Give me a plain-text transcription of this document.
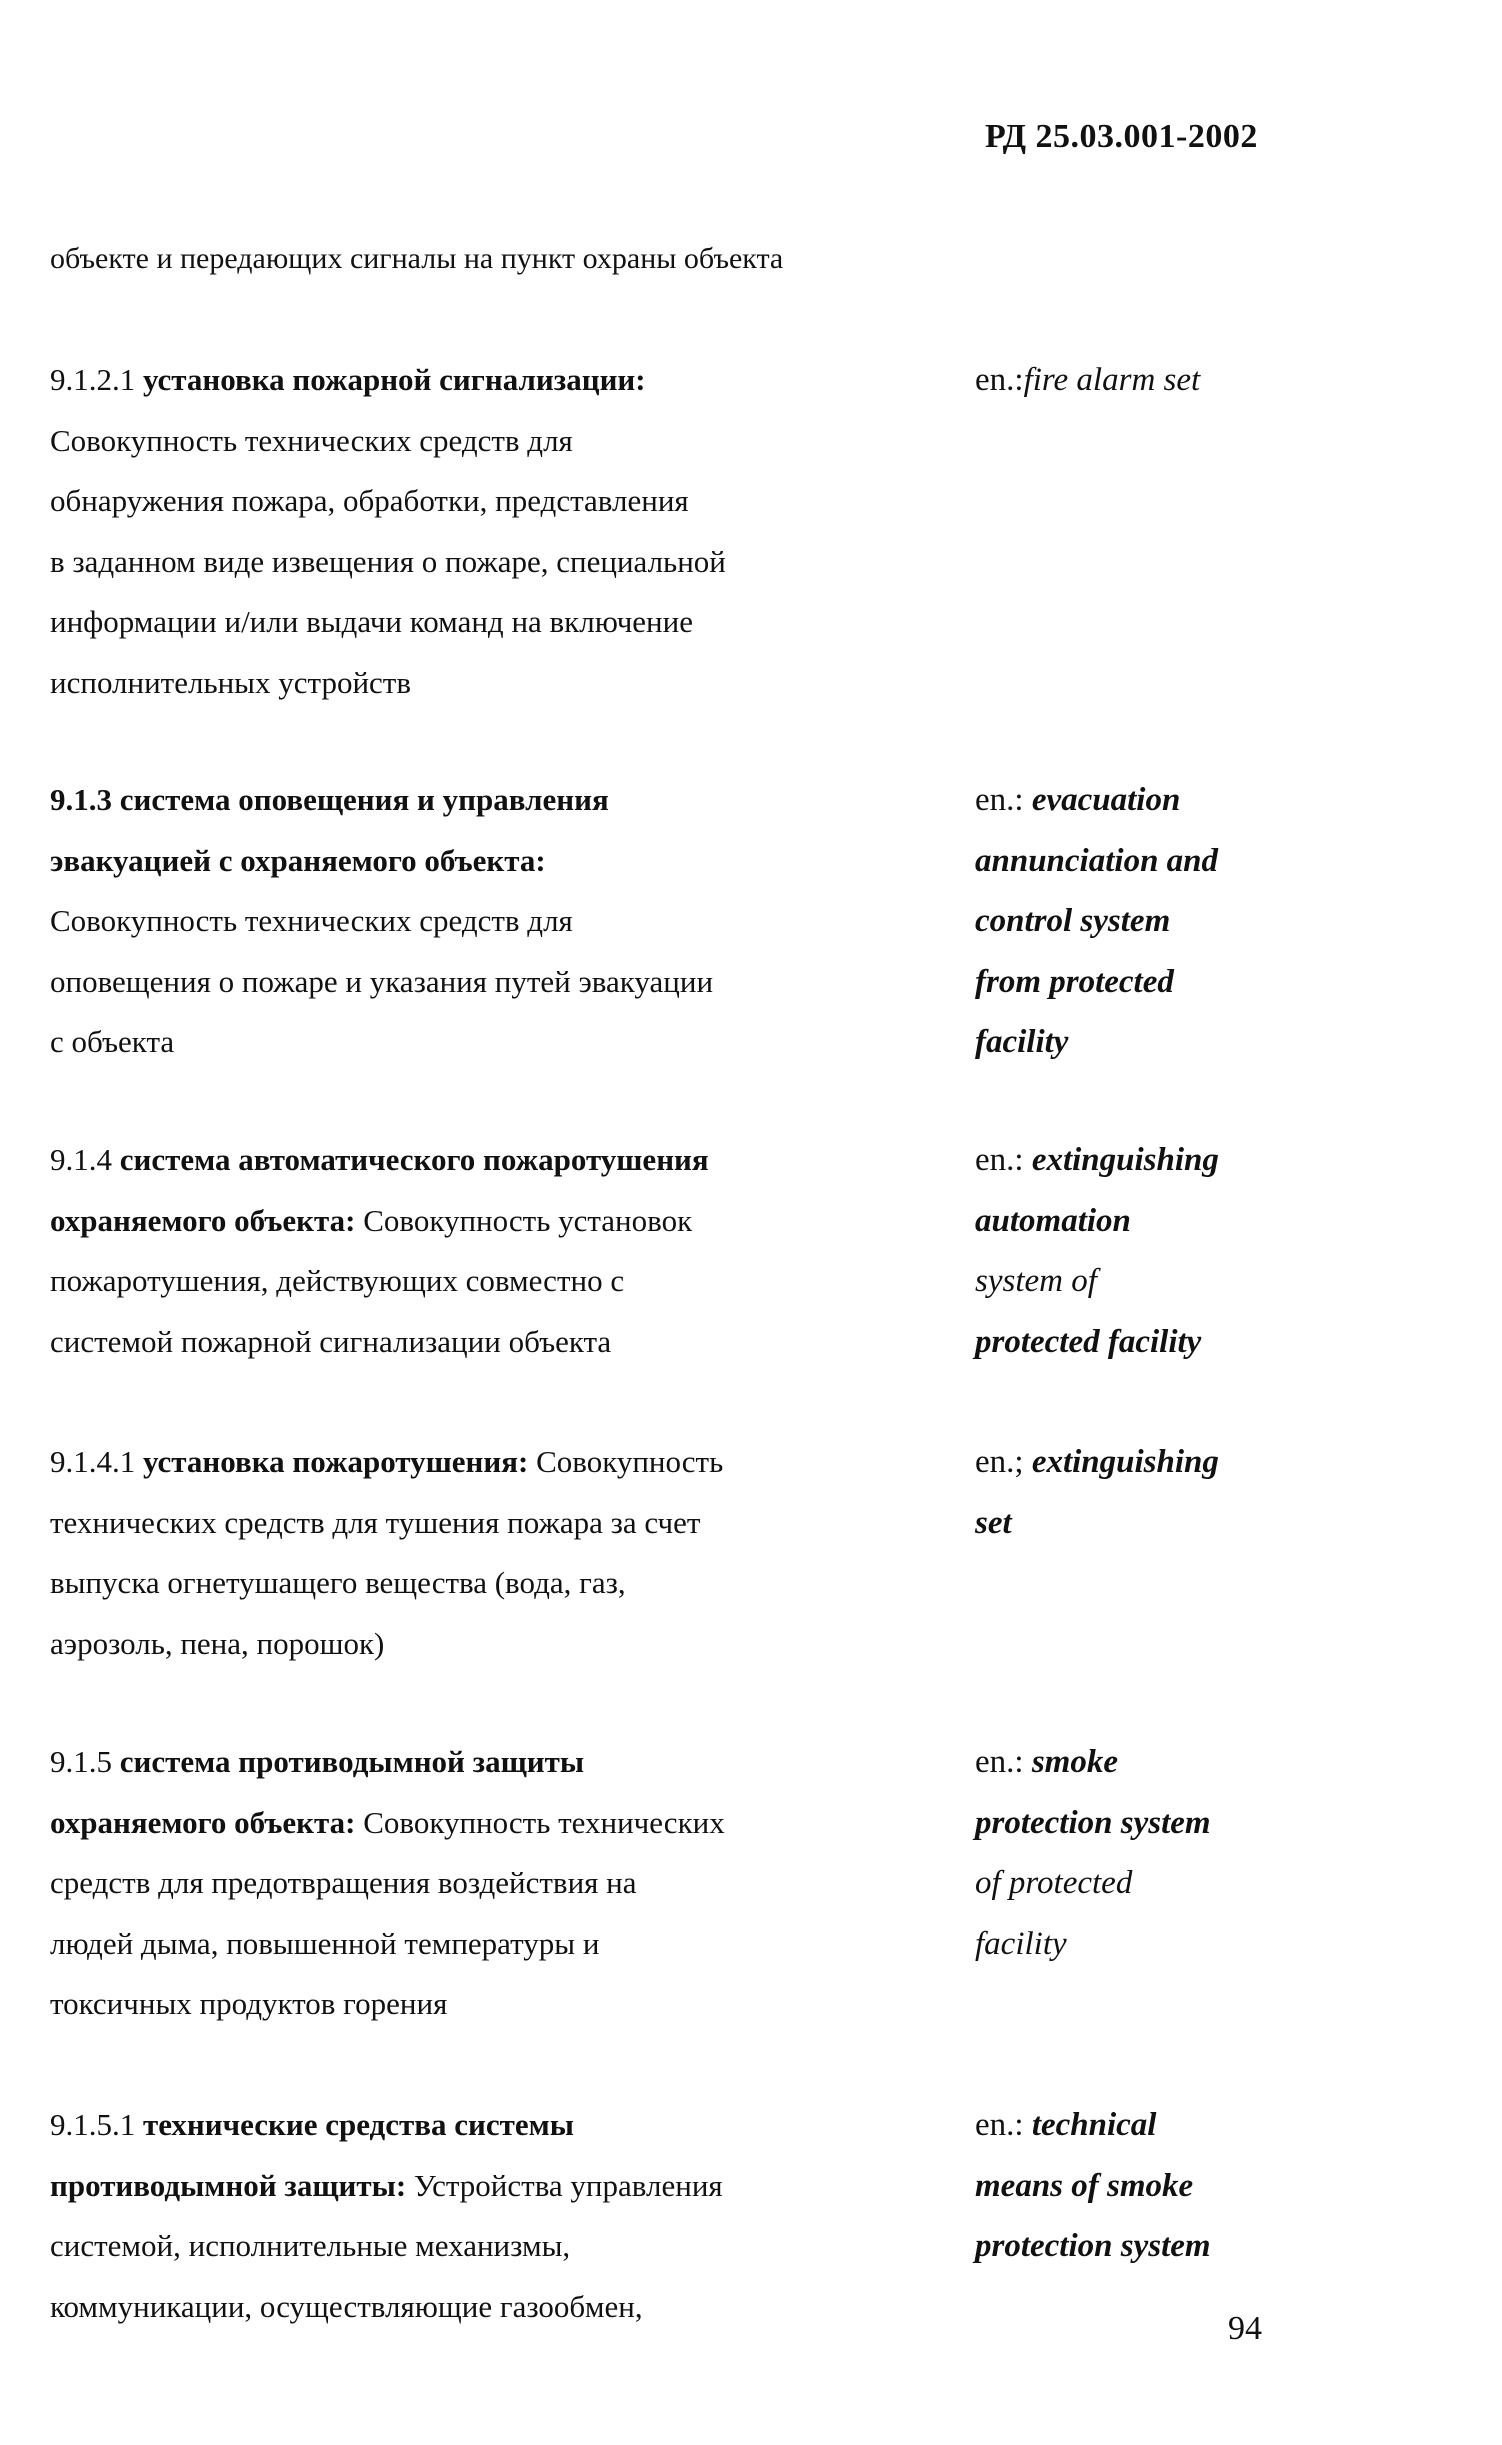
РД 25.03.001-2002
объекте и передающих сигналы на пункт охраны объекта
9.1.2.1 установка пожарной сигнализации:
Совокупность технических средств для
обнаружения пожара, обработки, представления
в заданном виде извещения о пожаре, специальной
информации и/или выдачи команд на включение
исполнительных устройств
en.:fire alarm set
9.1.3 система оповещения и управления
эвакуацией с охраняемого объекта:
Совокупность технических средств для
оповещения о пожаре и указания путей эвакуации
с объекта
en.: evacuation
annunciation and
control system
from protected
facility
9.1.4 система автоматического пожаротушения
охраняемого объекта: Совокупность установок
пожаротушения, действующих совместно с
системой пожарной сигнализации объекта
en.: extinguishing
automation
system of
protected facility
9.1.4.1 установка пожаротушения: Совокупность
технических средств для тушения пожара за счет
выпуска огнетушащего вещества (вода, газ,
аэрозоль, пена, порошок)
en.; extinguishing
set
9.1.5 система противодымной защиты
охраняемого объекта: Совокупность технических
средств для предотвращения воздействия на
людей дыма, повышенной температуры и
токсичных продуктов горения
en.: smoke
protection system
of protected
facility
9.1.5.1 технические средства системы
противодымной защиты: Устройства управления
системой, исполнительные механизмы,
коммуникации, осуществляющие газообмен,
en.: technical
means of smoke
protection system
94
